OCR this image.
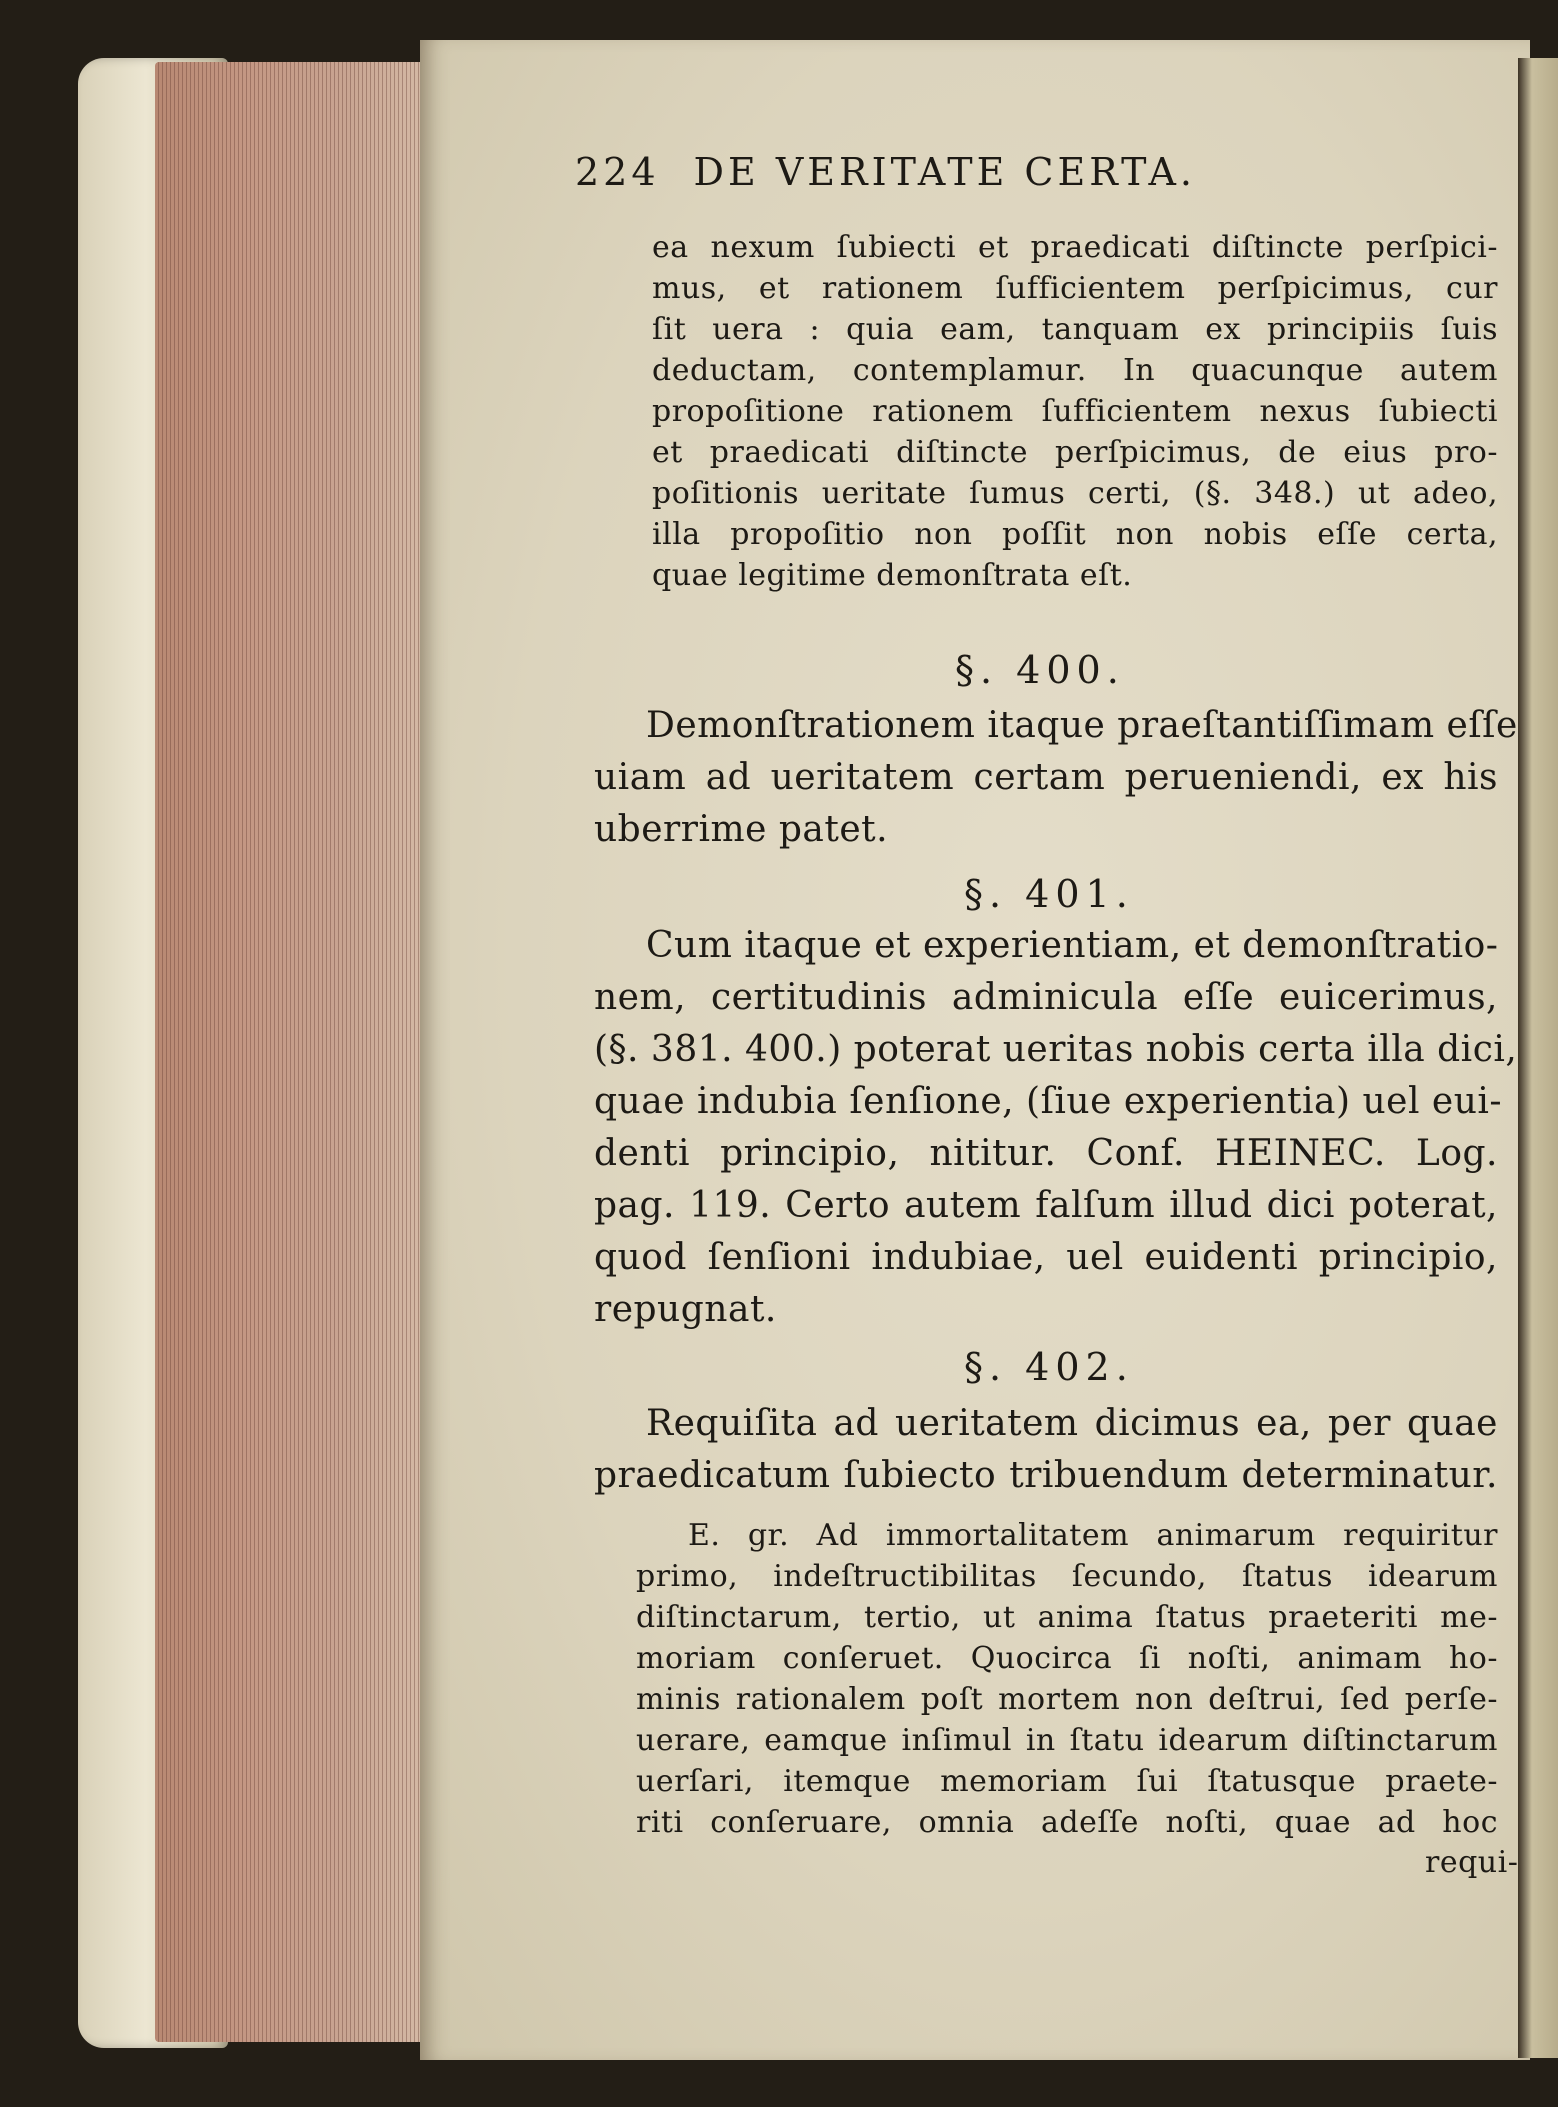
224 DE VERITATE CERTA.
ea nexum ſubiecti et praedicati diſtincte perſpici-
mus, et rationem ſufficientem perſpicimus, cur
ſit uera : quia eam, tanquam ex principiis ſuis
deductam, contemplamur. In quacunque autem
propoſitione rationem ſufficientem nexus ſubiecti
et praedicati diſtincte perſpicimus, de eius pro-
poſitionis ueritate ſumus certi, (§. 348.) ut adeo,
illa propoſitio non poſſit non nobis eſſe certa,
quae legitime demonſtrata eſt.
§. 400.
Demonſtrationem itaque praeſtantiſſimam eſſe
uiam ad ueritatem certam perueniendi, ex his
uberrime patet.
§. 401.
Cum itaque et experientiam, et demonſtratio-
nem, certitudinis adminicula eſſe euicerimus,
(§. 381. 400.) poterat ueritas nobis certa illa dici,
quae indubia ſenſione, (ſiue experientia) uel eui-
denti principio, nititur. Conf. HEINEC. Log.
pag. 119. Certo autem falſum illud dici poterat,
quod ſenſioni indubiae, uel euidenti principio,
repugnat.
§. 402.
Requiſita ad ueritatem dicimus ea, per quae
praedicatum ſubiecto tribuendum determinatur.
E. gr. Ad immortalitatem animarum requiritur
primo, indeſtructibilitas ſecundo, ſtatus idearum
diſtinctarum, tertio, ut anima ſtatus praeteriti me-
moriam conſeruet. Quocirca ſi noſti, animam ho-
minis rationalem poſt mortem non deſtrui, ſed perſe-
uerare, eamque inſimul in ſtatu idearum diſtinctarum
uerſari, itemque memoriam ſui ſtatusque praete-
riti conſeruare, omnia adeſſe noſti, quae ad hoc
requi-
